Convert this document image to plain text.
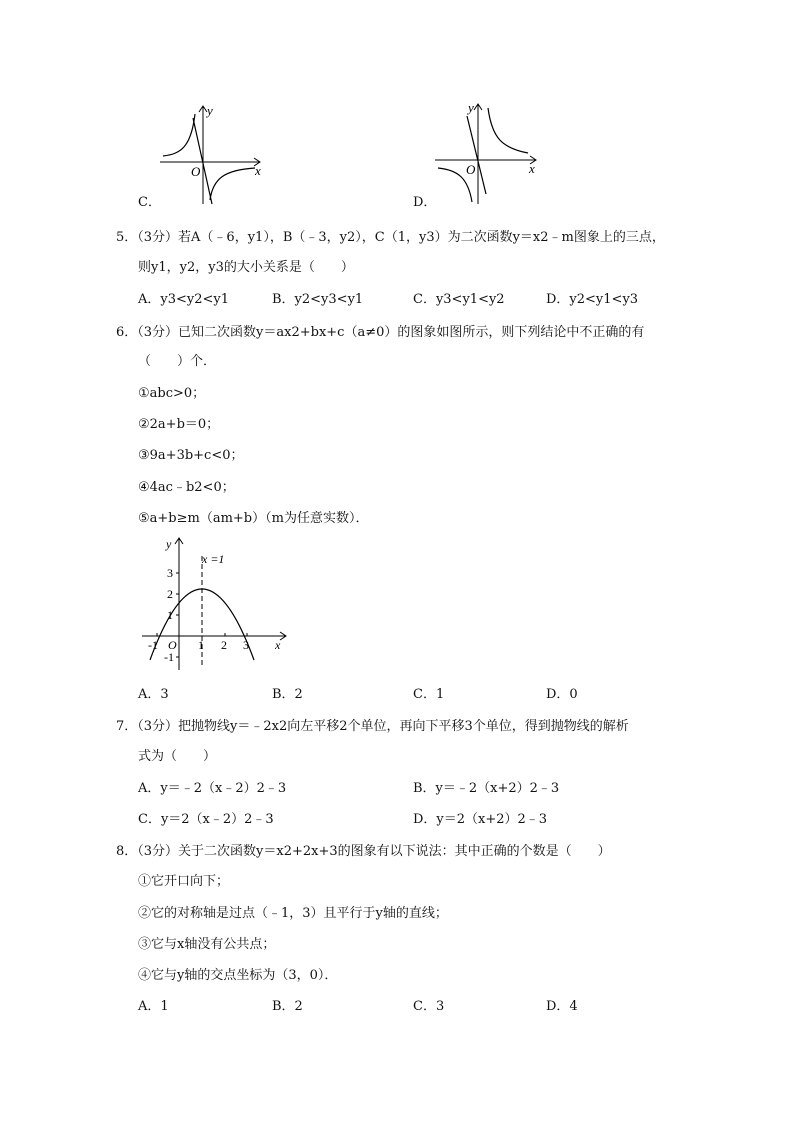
y
x
O
C．
y
x
O
D．
5．（3分）若A（﹣6，y1），B（﹣3，y2），C（1，y3）为二次函数y＝x2﹣m图象上的三点，
则y1，y2，y3的大小关系是（　　）
A．y3<y2<y1	B．y2<y3<y1	C．y3<y1<y2	D．y2<y1<y3
6．（3分）已知二次函数y＝ax2+bx+c（a≠0）的图象如图所示，则下列结论中不正确的有
（　　）个．
①abc>0；
②2a+b＝0；
③9a+3b+c<0；
④4ac﹣b2<0；
⑤a+b≥m（am+b）（m为任意实数）．
y
x
x =1
3
2
1
-1
-1	1 2 3
O
A．3	B．2	C．1	D．0
7．（3分）把抛物线y＝﹣2x2向左平移2个单位，再向下平移3个单位，得到抛物线的解析
式为（　　）
A．y＝﹣2（x﹣2）2﹣3	B．y＝﹣2（x+2）2﹣3
C．y＝2（x﹣2）2﹣3	D．y＝2（x+2）2﹣3
8．（3分）关于二次函数y＝x2+2x+3的图象有以下说法：其中正确的个数是（　　）
①它开口向下；
②它的对称轴是过点（﹣1，3）且平行于y轴的直线；
③它与x轴没有公共点；
④它与y轴的交点坐标为（3，0）．
A．1	B．2	C．3	D．4
